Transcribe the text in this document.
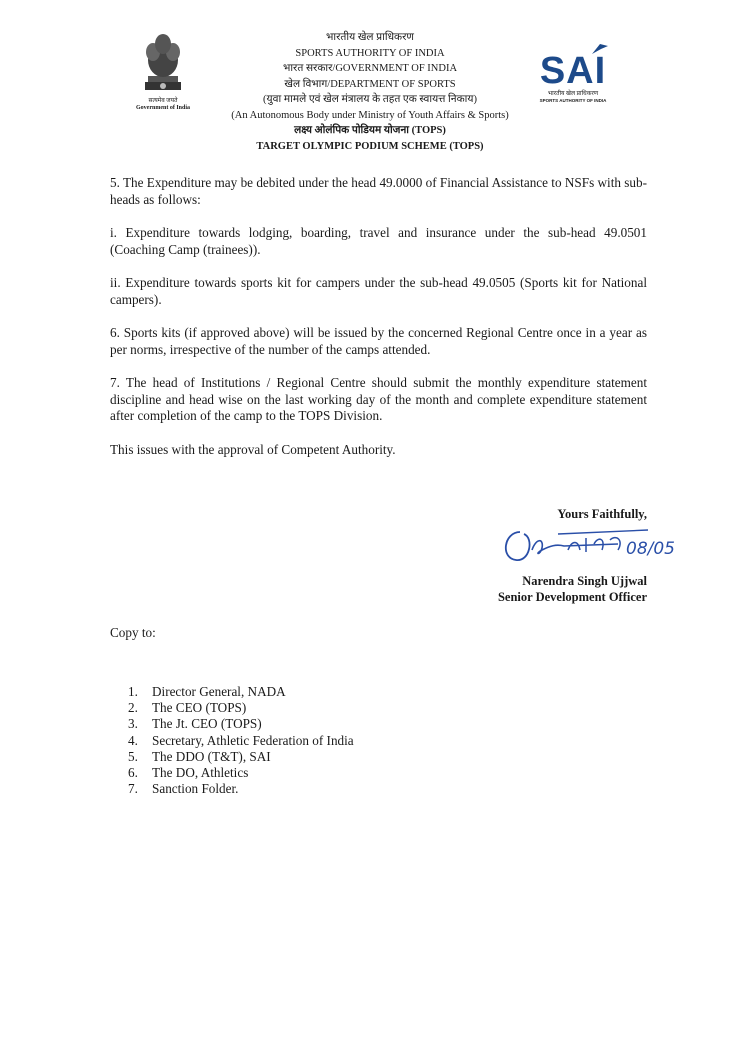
सत्यमेव जयते
Government of India
भारतीय खेल प्राधिकरण
SPORTS AUTHORITY OF INDIA
भारत सरकार/GOVERNMENT OF INDIA
खेल विभाग/DEPARTMENT OF SPORTS
(युवा मामले एवं खेल मंत्रालय के तहत एक स्वायत्त निकाय)
(An Autonomous Body under Ministry of Youth Affairs & Sports)
लक्ष्य ओलंपिक पोडियम योजना (TOPS)
TARGET OLYMPIC PODIUM SCHEME (TOPS)
SAI
भारतीय खेल प्राधिकरण
SPORTS AUTHORITY OF INDIA

5. The Expenditure may be debited under the head 49.0000 of Financial Assistance to NSFs with sub-heads as follows:

i. Expenditure towards lodging, boarding, travel and insurance under the sub-head 49.0501 (Coaching Camp (trainees)).

ii. Expenditure towards sports kit for campers under the sub-head 49.0505 (Sports kit for National campers).

6. Sports kits (if approved above) will be issued by the concerned Regional Centre once in a year as per norms, irrespective of the number of the camps attended.

7. The head of Institutions / Regional Centre should submit the monthly expenditure statement discipline and head wise on the last working day of the month and complete expenditure statement after completion of the camp to the TOPS Division.

This issues with the approval of Competent Authority.

Yours Faithfully,
Narendra Singh Ujjwal
Senior Development Officer
08/05
Copy to:
1. Director General, NADA
2. The CEO (TOPS)
3. The Jt. CEO (TOPS)
4. Secretary, Athletic Federation of India
5. The DDO (T&T), SAI
6. The DO, Athletics
7. Sanction Folder.
